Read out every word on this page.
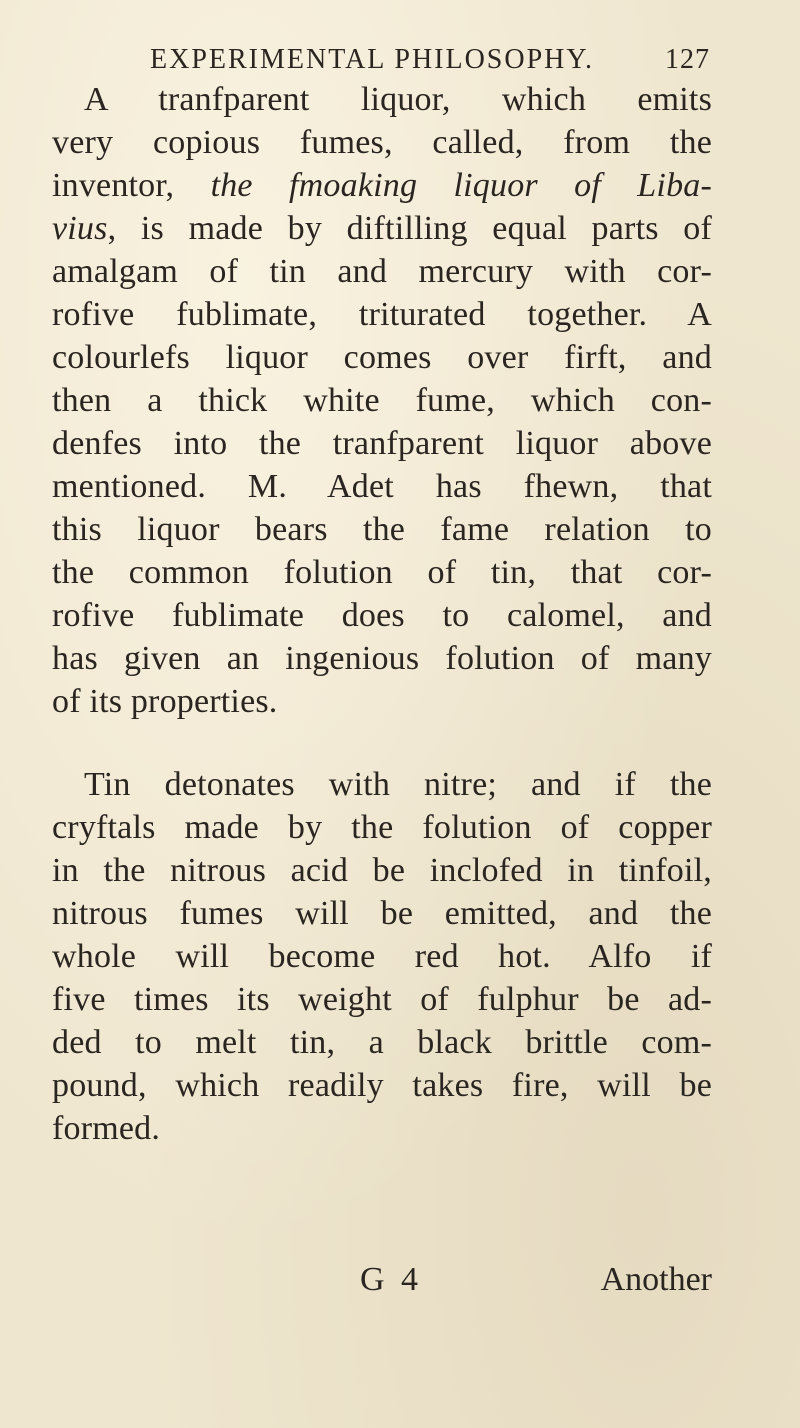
EXPERIMENTAL PHILOSOPHY.	127
A tranfparent liquor, which emits
very copious fumes, called, from the
inventor, the fmoaking liquor of Liba-
vius, is made by diftilling equal parts of
amalgam of tin and mercury with cor-
rofive fublimate, triturated together. A
colourlefs liquor comes over firft, and
then a thick white fume, which con-
denfes into the tranfparent liquor above
mentioned. M. Adet has fhewn, that
this liquor bears the fame relation to
the common folution of tin, that cor-
rofive fublimate does to calomel, and
has given an ingenious folution of many
of its properties.
Tin detonates with nitre; and if the
cryftals made by the folution of copper
in the nitrous acid be inclofed in tinfoil,
nitrous fumes will be emitted, and the
whole will become red hot. Alfo if
five times its weight of fulphur be ad-
ded to melt tin, a black brittle com-
pound, which readily takes fire, will be
formed.
G 4	Another
